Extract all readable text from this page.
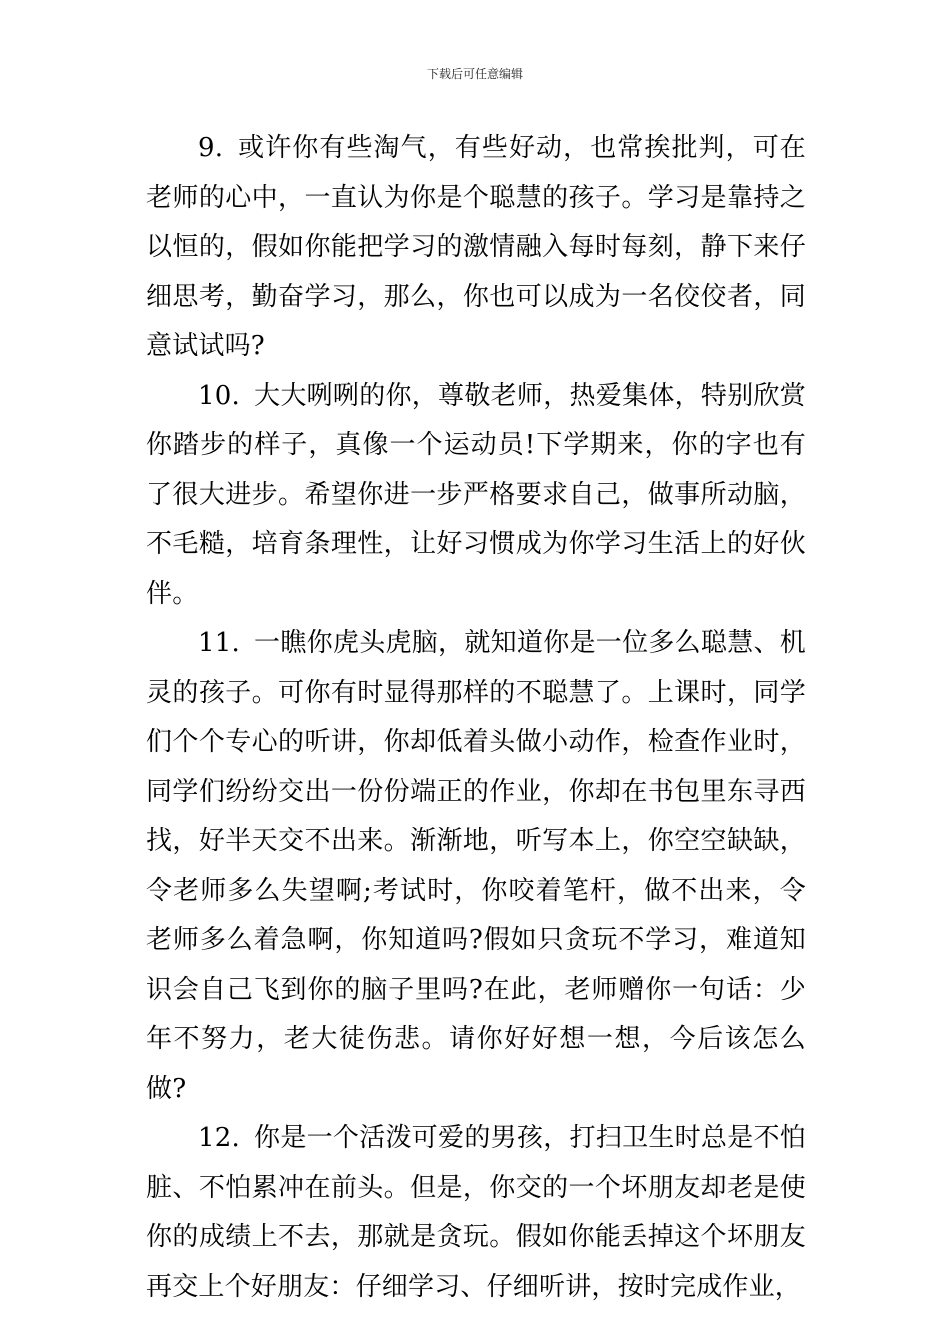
下载后可任意编辑

9. 或许你有些淘气，有些好动，也常挨批判，可在老师的心中，一直认为你是个聪慧的孩子。学习是靠持之以恒的，假如你能把学习的激情融入每时每刻，静下来仔细思考，勤奋学习，那么，你也可以成为一名佼佼者，同意试试吗?

10. 大大咧咧的你，尊敬老师，热爱集体，特别欣赏你踏步的样子，真像一个运动员!下学期来，你的字也有了很大进步。希望你进一步严格要求自己，做事所动脑，不毛糙，培育条理性，让好习惯成为你学习生活上的好伙伴。

11. 一瞧你虎头虎脑，就知道你是一位多么聪慧、机灵的孩子。可你有时显得那样的不聪慧了。上课时，同学们个个专心的听讲，你却低着头做小动作，检查作业时，同学们纷纷交出一份份端正的作业，你却在书包里东寻西找，好半天交不出来。渐渐地，听写本上，你空空缺缺，令老师多么失望啊;考试时，你咬着笔杆，做不出来，令老师多么着急啊，你知道吗?假如只贪玩不学习，难道知识会自己飞到你的脑子里吗?在此，老师赠你一句话：少年不努力，老大徒伤悲。请你好好想一想，今后该怎么做?

12. 你是一个活泼可爱的男孩，打扫卫生时总是不怕脏、不怕累冲在前头。但是，你交的一个坏朋友却老是使你的成绩上不去，那就是贪玩。假如你能丢掉这个坏朋友再交上个好朋友：仔细学习、仔细听讲，按时完成作业，
